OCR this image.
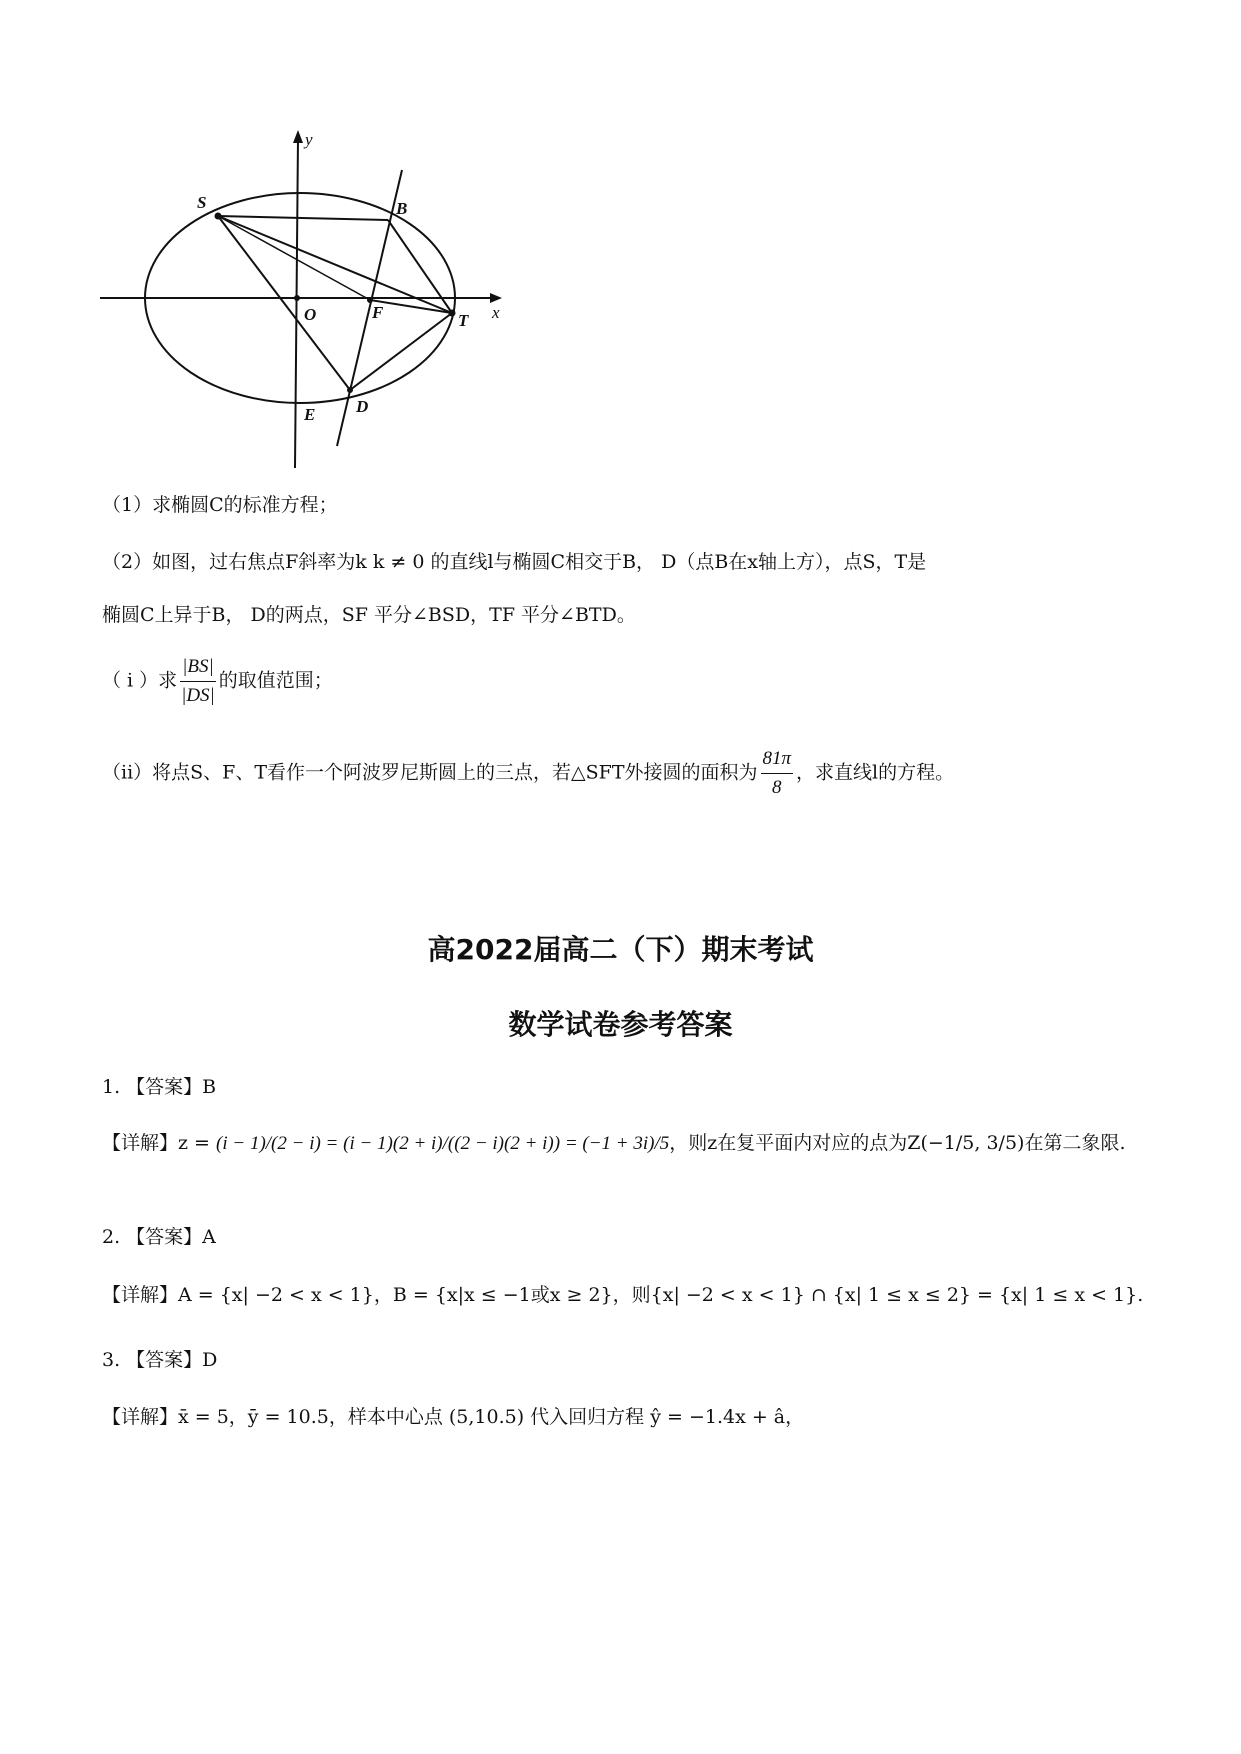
y
x
S	B
O	F	T
E D
（1）求椭圆C的标准方程；
（2）如图，过右焦点F斜率为k k ≠ 0 的直线l与椭圆C相交于B， D（点B在x轴上方），点S，T是
椭圆C上异于B， D的两点，SF 平分∠BSD，TF 平分∠BTD。
（ i ）求 $\frac{|BS|}{|DS|}$ 的取值范围；
（ii）将点S、F、T看作一个阿波罗尼斯圆上的三点，若△SFT外接圆的面积为 $\frac{81\pi}{8}$ ，求直线l的方程。
高2022届高二（下）期末考试
数学试卷参考答案
1. 【答案】B
【详解】z = (i − 1)/(2 − i) = (i − 1)(2 + i)/((2 − i)(2 + i)) = (−1 + 3i)/5，则z在复平面内对应的点为Z(−1/5, 3/5)在第二象限.
2. 【答案】A
【详解】A = {x| −2 < x < 1}，B = {x|x ≤ −1或x ≥ 2}，则{x| −2 < x < 1} ∩ {x| 1 ≤ x ≤ 2} = {x| 1 ≤ x < 1}.
3. 【答案】D
【详解】x̄ = 5，ȳ = 10.5，样本中心点 (5,10.5) 代入回归方程 ŷ = −1.4x + â，
